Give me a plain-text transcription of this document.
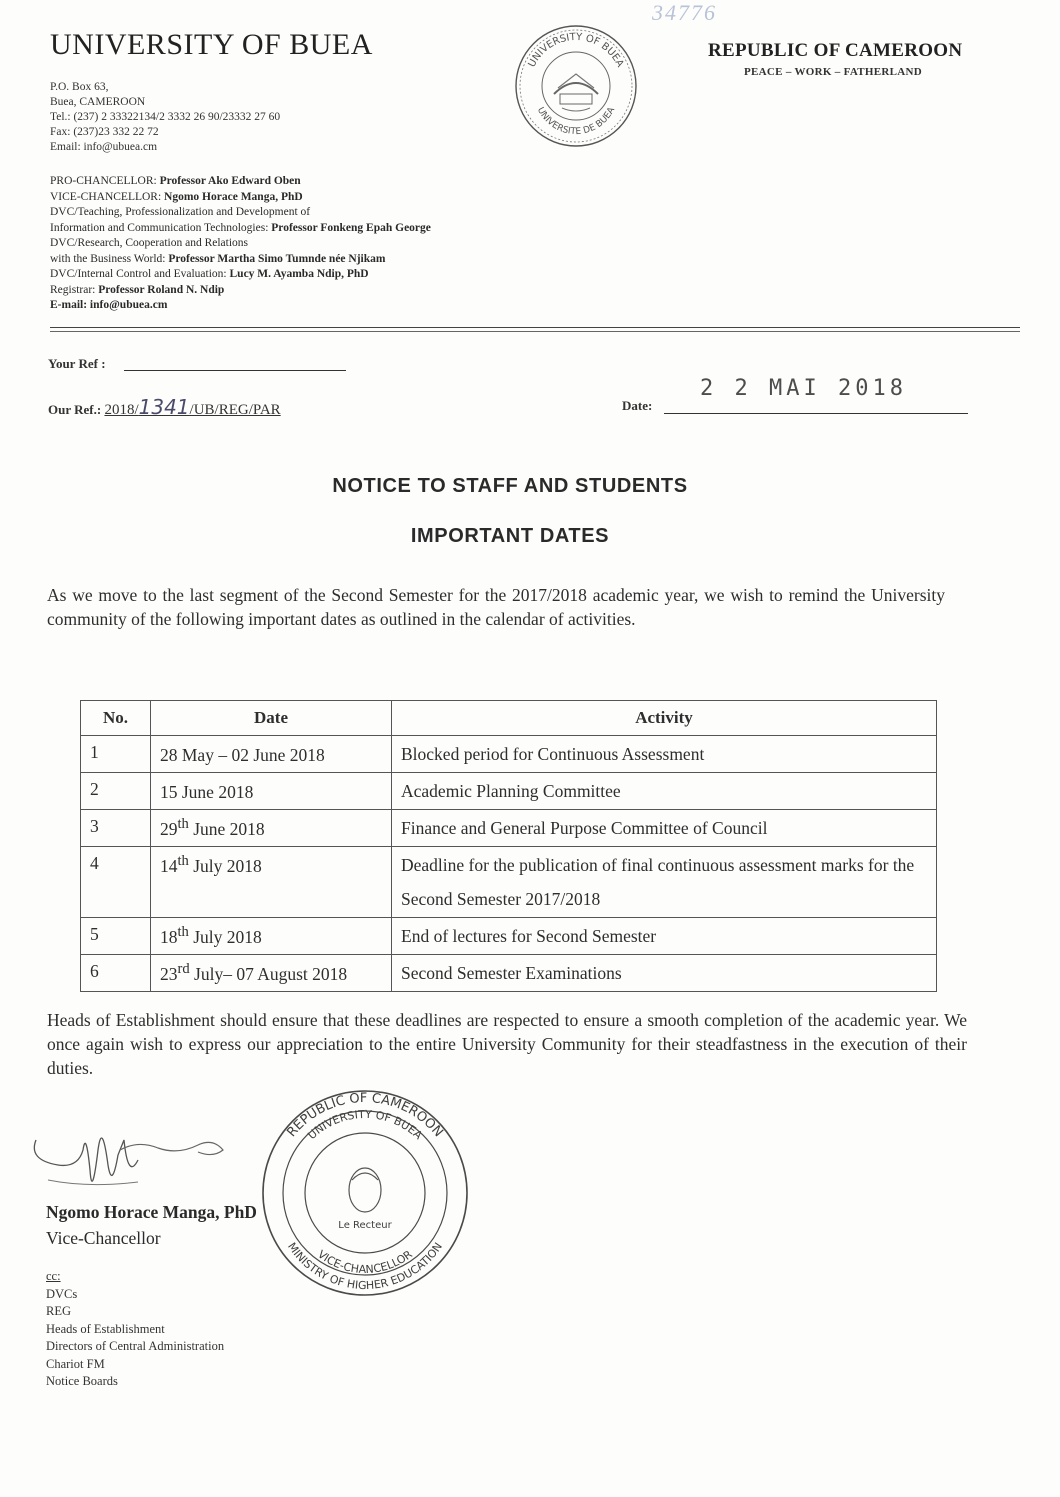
UNIVERSITY OF BUEA
P.O. Box 63,
Buea, CAMEROON
Tel.: (237) 2 33322134/2 3332 26 90/23332 27 60
Fax: (237)23 332 22 72
Email: info@ubuea.cm
PRO-CHANCELLOR: Professor Ako Edward Oben
VICE-CHANCELLOR: Ngomo Horace Manga, PhD
DVC/Teaching, Professionalization and Development of
Information and Communication Technologies: Professor Fonkeng Epah George
DVC/Research, Cooperation and Relations
with the Business World: Professor Martha Simo Tumnde née Njikam
DVC/Internal Control and Evaluation: Lucy M. Ayamba Ndip, PhD
Registrar: Professor Roland N. Ndip
E-mail: info@ubuea.cm
34776
UNIVERSITY OF BUEA
UNIVERSITE DE BUEA
REPUBLIC OF CAMEROON
PEACE – WORK – FATHERLAND
Your Ref :
Our Ref.: 2018/1341/UB/REG/PAR	Date:
2 2 MAI 2018
NOTICE TO STAFF AND STUDENTS
IMPORTANT DATES
As we move to the last segment of the Second Semester for the 2017/2018 academic year, we wish to remind the University community of the following important dates as outlined in the calendar of activities.
No.	Date	Activity
1	28 May – 02 June 2018	Blocked period for Continuous Assessment
2	15 June 2018	Academic Planning Committee
3	29th June 2018	Finance and General Purpose Committee of Council
4	14th July 2018	Deadline for the publication of final continuous assessment marks for the Second Semester 2017/2018
5	18th July 2018	End of lectures for Second Semester
6	23rd July– 07 August 2018	Second Semester Examinations
Heads of Establishment should ensure that these deadlines are respected to ensure a smooth completion of the academic year. We once again wish to express our appreciation to the entire University Community for their steadfastness in the execution of their duties.
REPUBLIC OF CAMEROON
UNIVERSITY OF BUEA
MINISTRY OF HIGHER EDUCATION
VICE-CHANCELLOR
Le Recteur
Ngomo Horace Manga, PhD
Vice-Chancellor
cc:
DVCs
REG
Heads of Establishment
Directors of Central Administration
Chariot FM
Notice Boards
